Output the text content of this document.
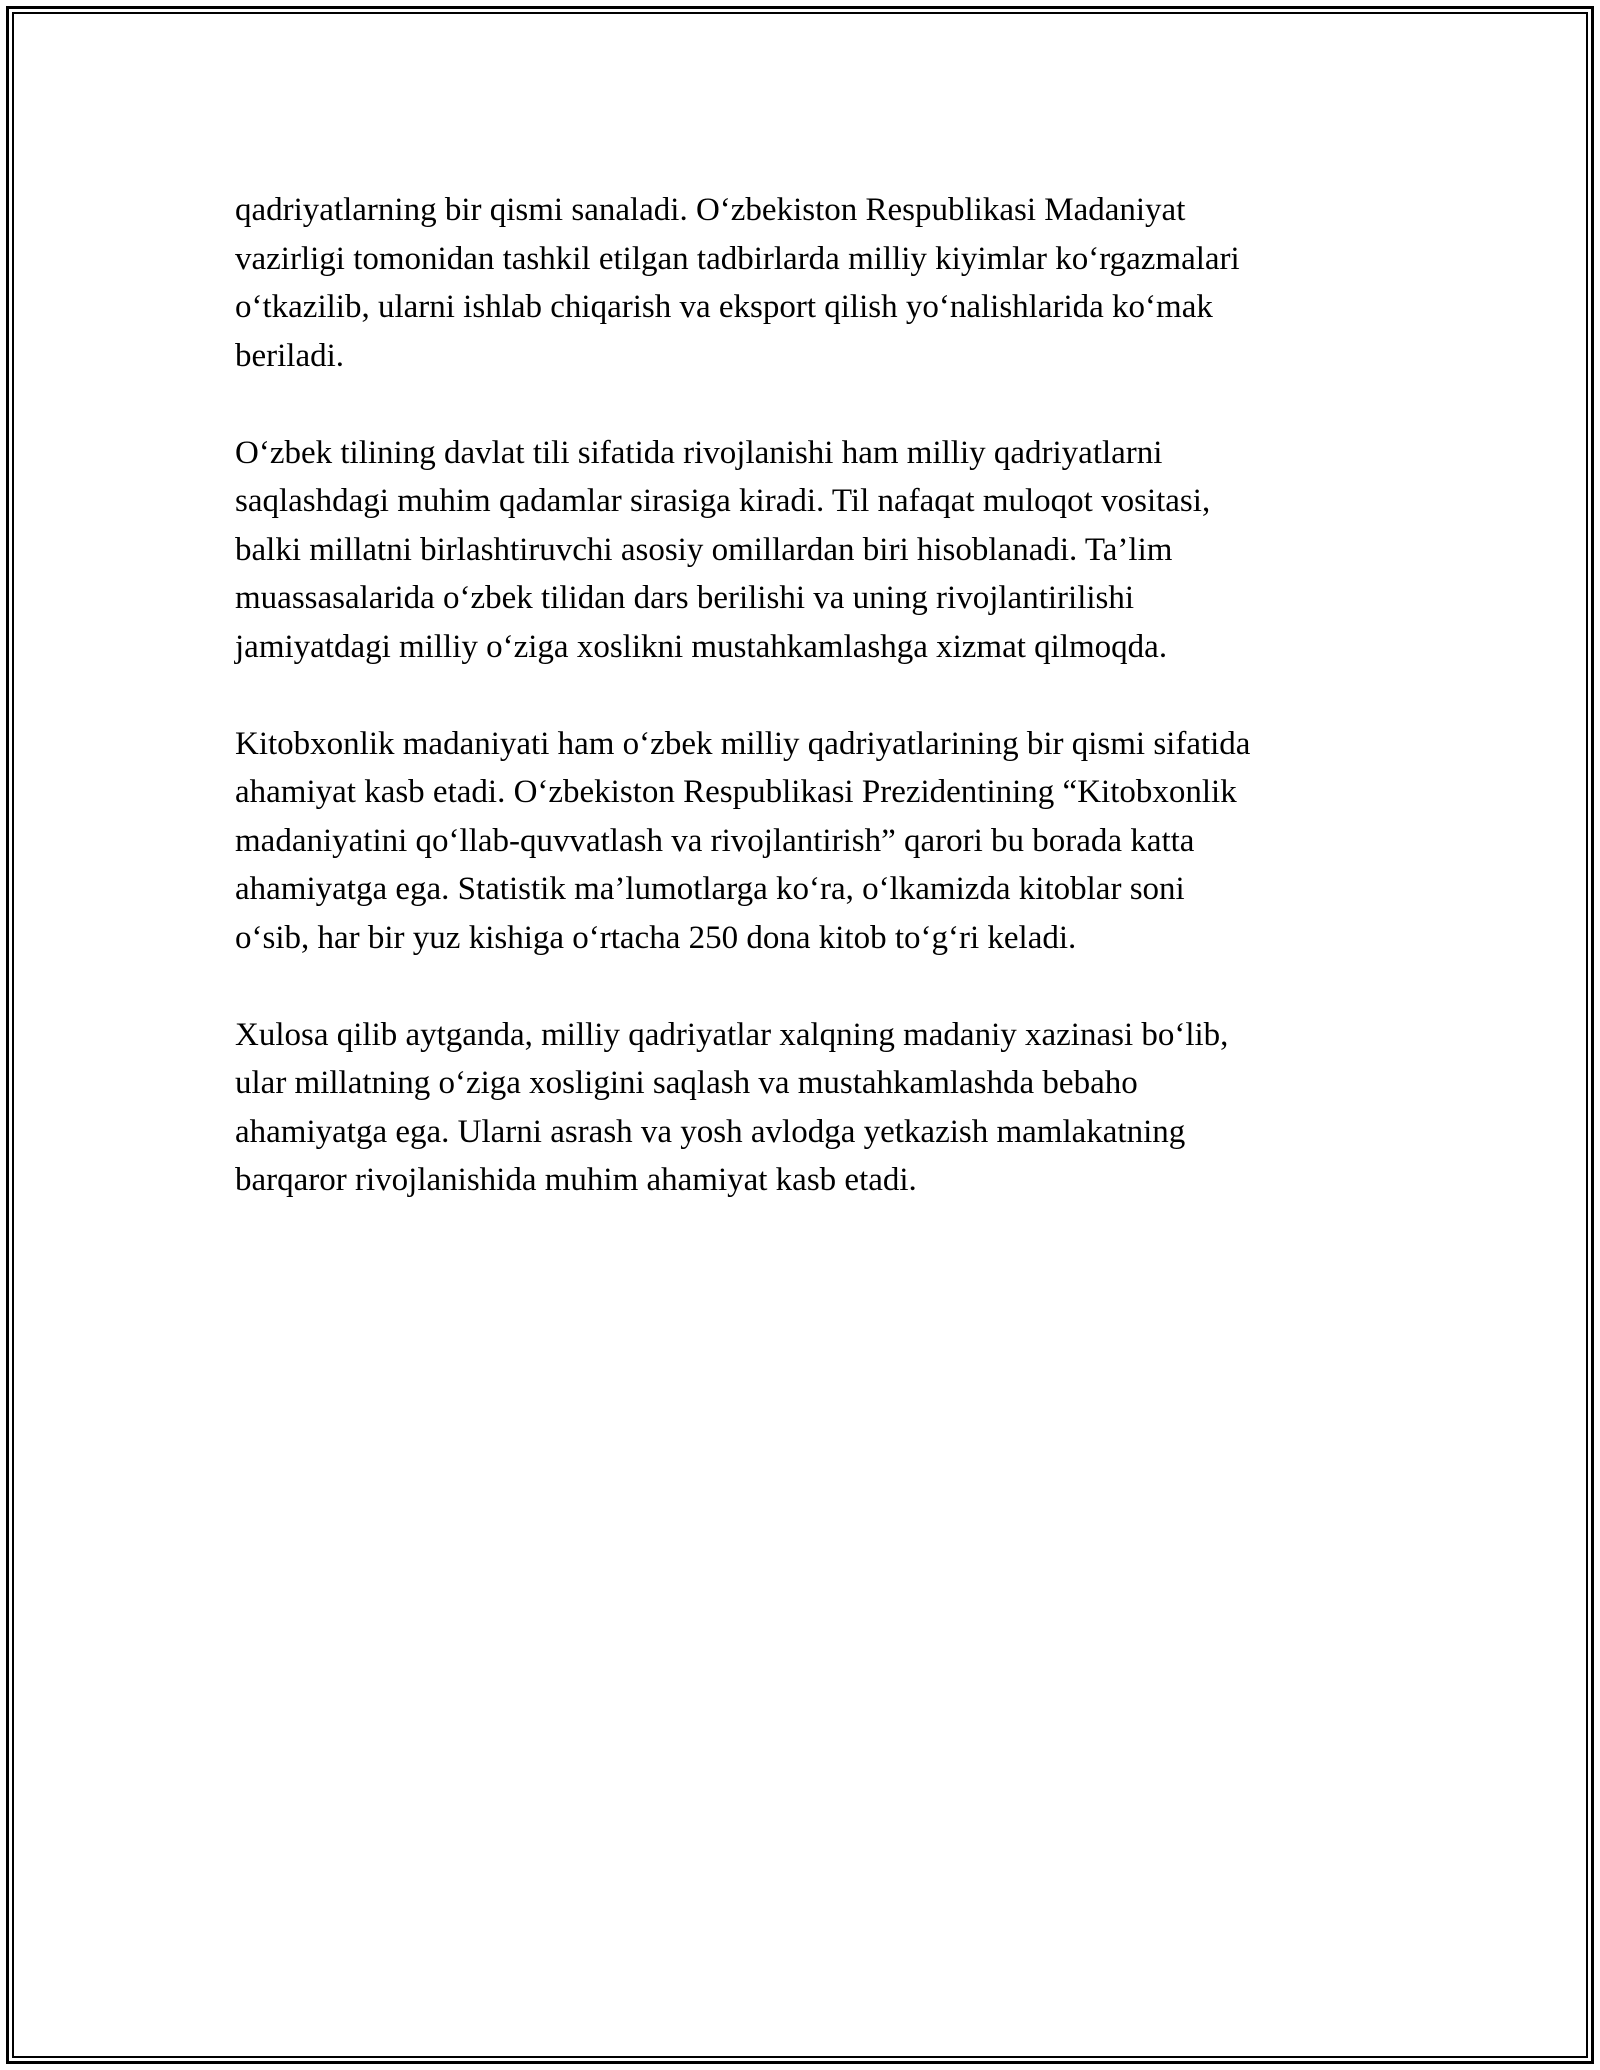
qadriyatlarning bir qismi sanaladi. O‘zbekiston Respublikasi Madaniyat
vazirligi tomonidan tashkil etilgan tadbirlarda milliy kiyimlar ko‘rgazmalari
o‘tkazilib, ularni ishlab chiqarish va eksport qilish yo‘nalishlarida ko‘mak
beriladi.

O‘zbek tilining davlat tili sifatida rivojlanishi ham milliy qadriyatlarni
saqlashdagi muhim qadamlar sirasiga kiradi. Til nafaqat muloqot vositasi,
balki millatni birlashtiruvchi asosiy omillardan biri hisoblanadi. Ta’lim
muassasalarida o‘zbek tilidan dars berilishi va uning rivojlantirilishi
jamiyatdagi milliy o‘ziga xoslikni mustahkamlashga xizmat qilmoqda.

Kitobxonlik madaniyati ham o‘zbek milliy qadriyatlarining bir qismi sifatida
ahamiyat kasb etadi. O‘zbekiston Respublikasi Prezidentining “Kitobxonlik
madaniyatini qo‘llab-quvvatlash va rivojlantirish” qarori bu borada katta
ahamiyatga ega. Statistik ma’lumotlarga ko‘ra, o‘lkamizda kitoblar soni
o‘sib, har bir yuz kishiga o‘rtacha 250 dona kitob to‘g‘ri keladi.

Xulosa qilib aytganda, milliy qadriyatlar xalqning madaniy xazinasi bo‘lib,
ular millatning o‘ziga xosligini saqlash va mustahkamlashda bebaho
ahamiyatga ega. Ularni asrash va yosh avlodga yetkazish mamlakatning
barqaror rivojlanishida muhim ahamiyat kasb etadi.
